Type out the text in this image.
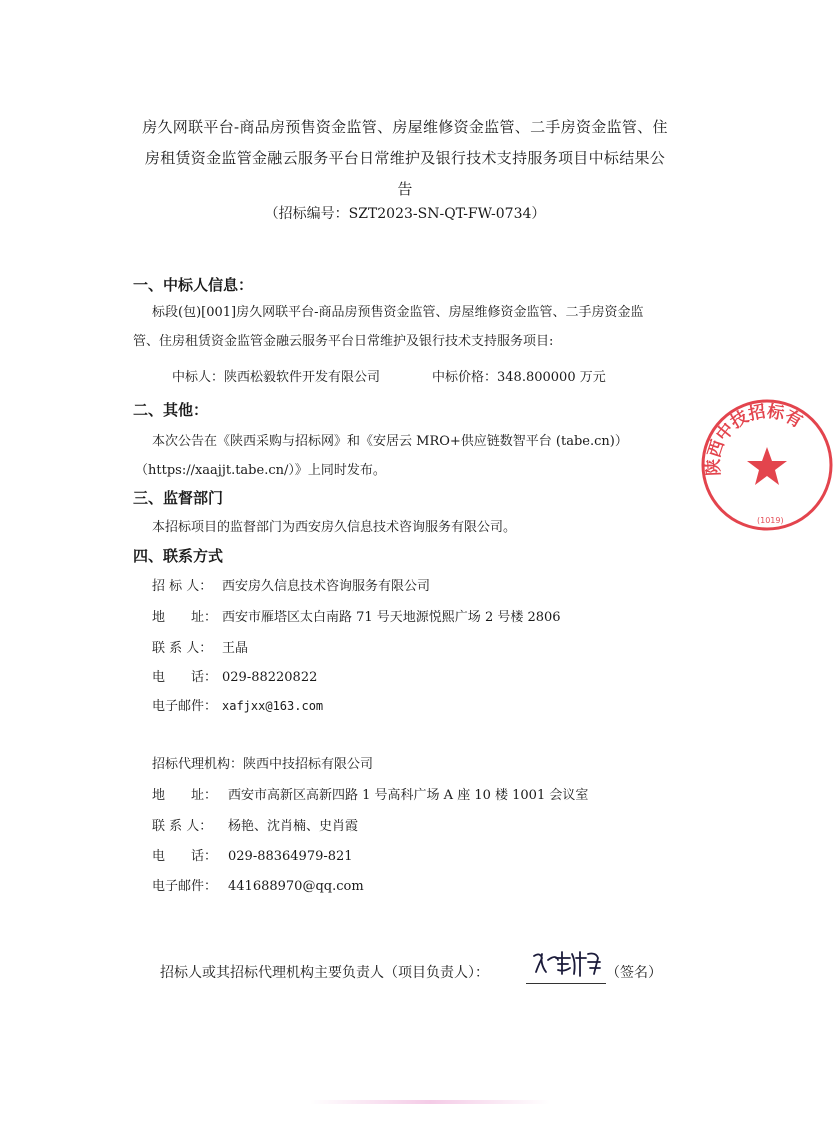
房久网联平台-商品房预售资金监管、房屋维修资金监管、二手房资金监管、住
房租赁资金监管金融云服务平台日常维护及银行技术支持服务项目中标结果公
告
（招标编号：SZT2023-SN-QT-FW-0734）
一、中标人信息：
标段(包)[001]房久网联平台-商品房预售资金监管、房屋维修资金监管、二手房资金监
管、住房租赁资金监管金融云服务平台日常维护及银行技术支持服务项目:
中标人：陕西松毅软件开发有限公司	中标价格：348.800000 万元
二、其他：
本次公告在《陕西采购与招标网》和《安居云 MRO+供应链数智平台 (tabe.cn)）
（https://xaajjt.tabe.cn/）》上同时发布。
三、监督部门
本招标项目的监督部门为西安房久信息技术咨询服务有限公司。
四、联系方式
招 标 人： 西安房久信息技术咨询服务有限公司
地　　址： 西安市雁塔区太白南路 71 号天地源悦熙广场 2 号楼 2806
联 系 人： 王晶
电　　话： 029-88220822
电子邮件： xafjxx@163.com
招标代理机构：陕西中技招标有限公司
地　　址： 西安市高新区高新四路 1 号高科广场 A 座 10 楼 1001 会议室
联 系 人： 杨艳、沈肖楠、史肖霞
电　　话： 029-88364979-821
电子邮件： 441688970@qq.com
招标人或其招标代理机构主要负责人（项目负责人）：	（签名）
陕西中技招标有
(1019)
